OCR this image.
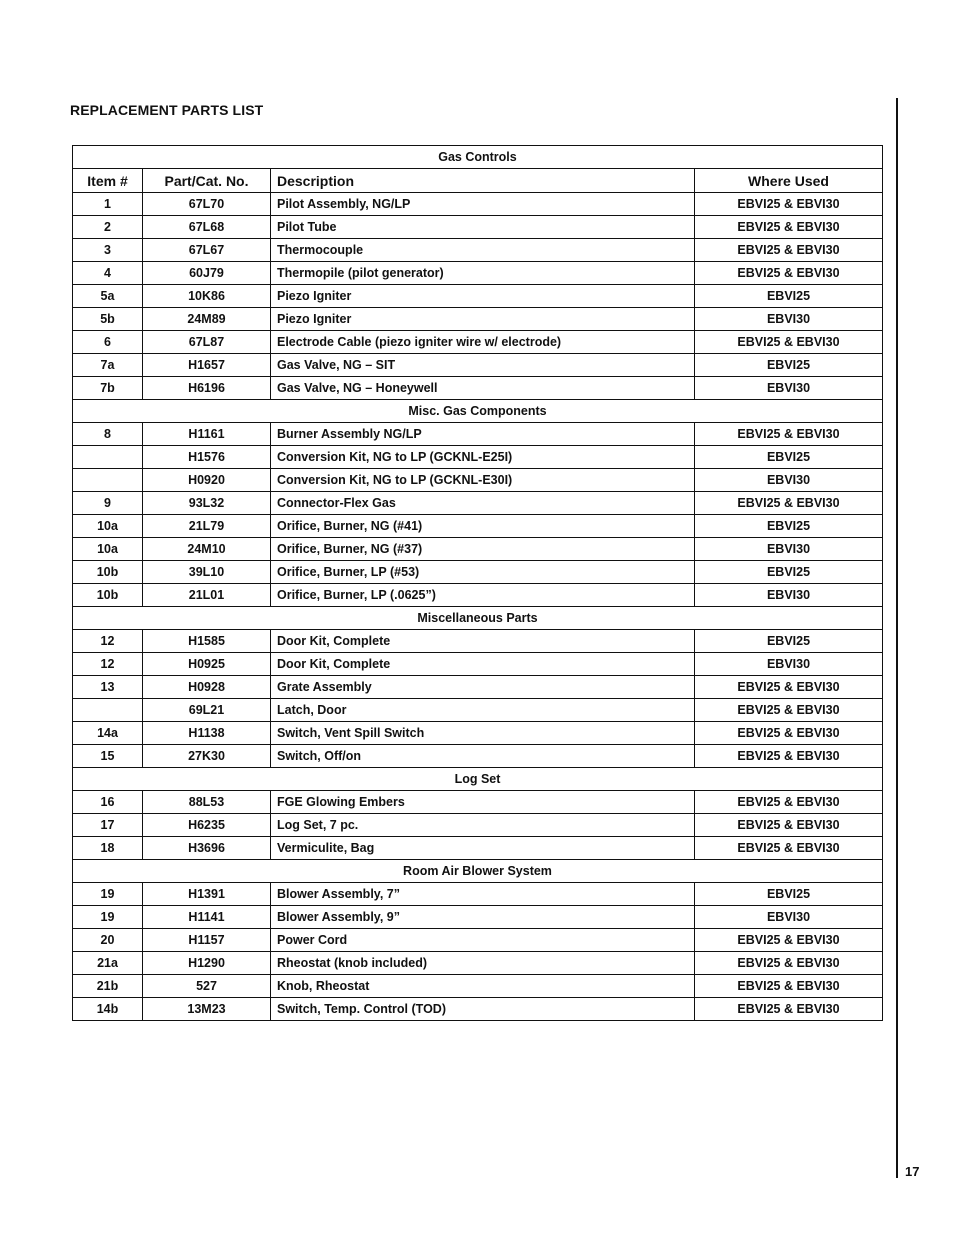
REPLACEMENT PARTS LIST
Gas Controls			
Item #	Part/Cat. No.	Description	Where Used
1	67L70	Pilot Assembly, NG/LP	EBVI25 & EBVI30
2	67L68	Pilot Tube	EBVI25 & EBVI30
3	67L67	Thermocouple	EBVI25 & EBVI30
4	60J79	Thermopile (pilot generator)	EBVI25 & EBVI30
5a	10K86	Piezo Igniter	EBVI25
5b	24M89	Piezo Igniter	EBVI30
6	67L87	Electrode Cable (piezo igniter wire w/ electrode)	EBVI25 & EBVI30
7a	H1657	Gas Valve, NG – SIT	EBVI25
7b	H6196	Gas Valve, NG – Honeywell	EBVI30
Misc. Gas Components			
8	H1161	Burner Assembly NG/LP	EBVI25 & EBVI30
	H1576	Conversion Kit, NG to LP (GCKNL-E25I)	EBVI25
	H0920	Conversion Kit, NG to LP (GCKNL-E30I)	EBVI30
9	93L32	Connector-Flex Gas	EBVI25 & EBVI30
10a	21L79	Orifice, Burner, NG (#41)	EBVI25
10a	24M10	Orifice, Burner, NG (#37)	EBVI30
10b	39L10	Orifice, Burner, LP (#53)	EBVI25
10b	21L01	Orifice, Burner, LP (.0625”)	EBVI30
Miscellaneous Parts			
12	H1585	Door Kit, Complete	EBVI25
12	H0925	Door Kit, Complete	EBVI30
13	H0928	Grate Assembly	EBVI25 & EBVI30
	69L21	Latch, Door	EBVI25 & EBVI30
14a	H1138	Switch, Vent Spill Switch	EBVI25 & EBVI30
15	27K30	Switch, Off/on	EBVI25 & EBVI30
Log Set			
16	88L53	FGE Glowing Embers	EBVI25 & EBVI30
17	H6235	Log Set, 7 pc.	EBVI25 & EBVI30
18	H3696	Vermiculite, Bag	EBVI25 & EBVI30
Room Air Blower System			
19	H1391	Blower Assembly, 7”	EBVI25
19	H1141	Blower Assembly, 9”	EBVI30
20	H1157	Power Cord	EBVI25 & EBVI30
21a	H1290	Rheostat (knob included)	EBVI25 & EBVI30
21b	527	Knob, Rheostat	EBVI25 & EBVI30
14b	13M23	Switch, Temp. Control (TOD)	EBVI25 & EBVI30
17
